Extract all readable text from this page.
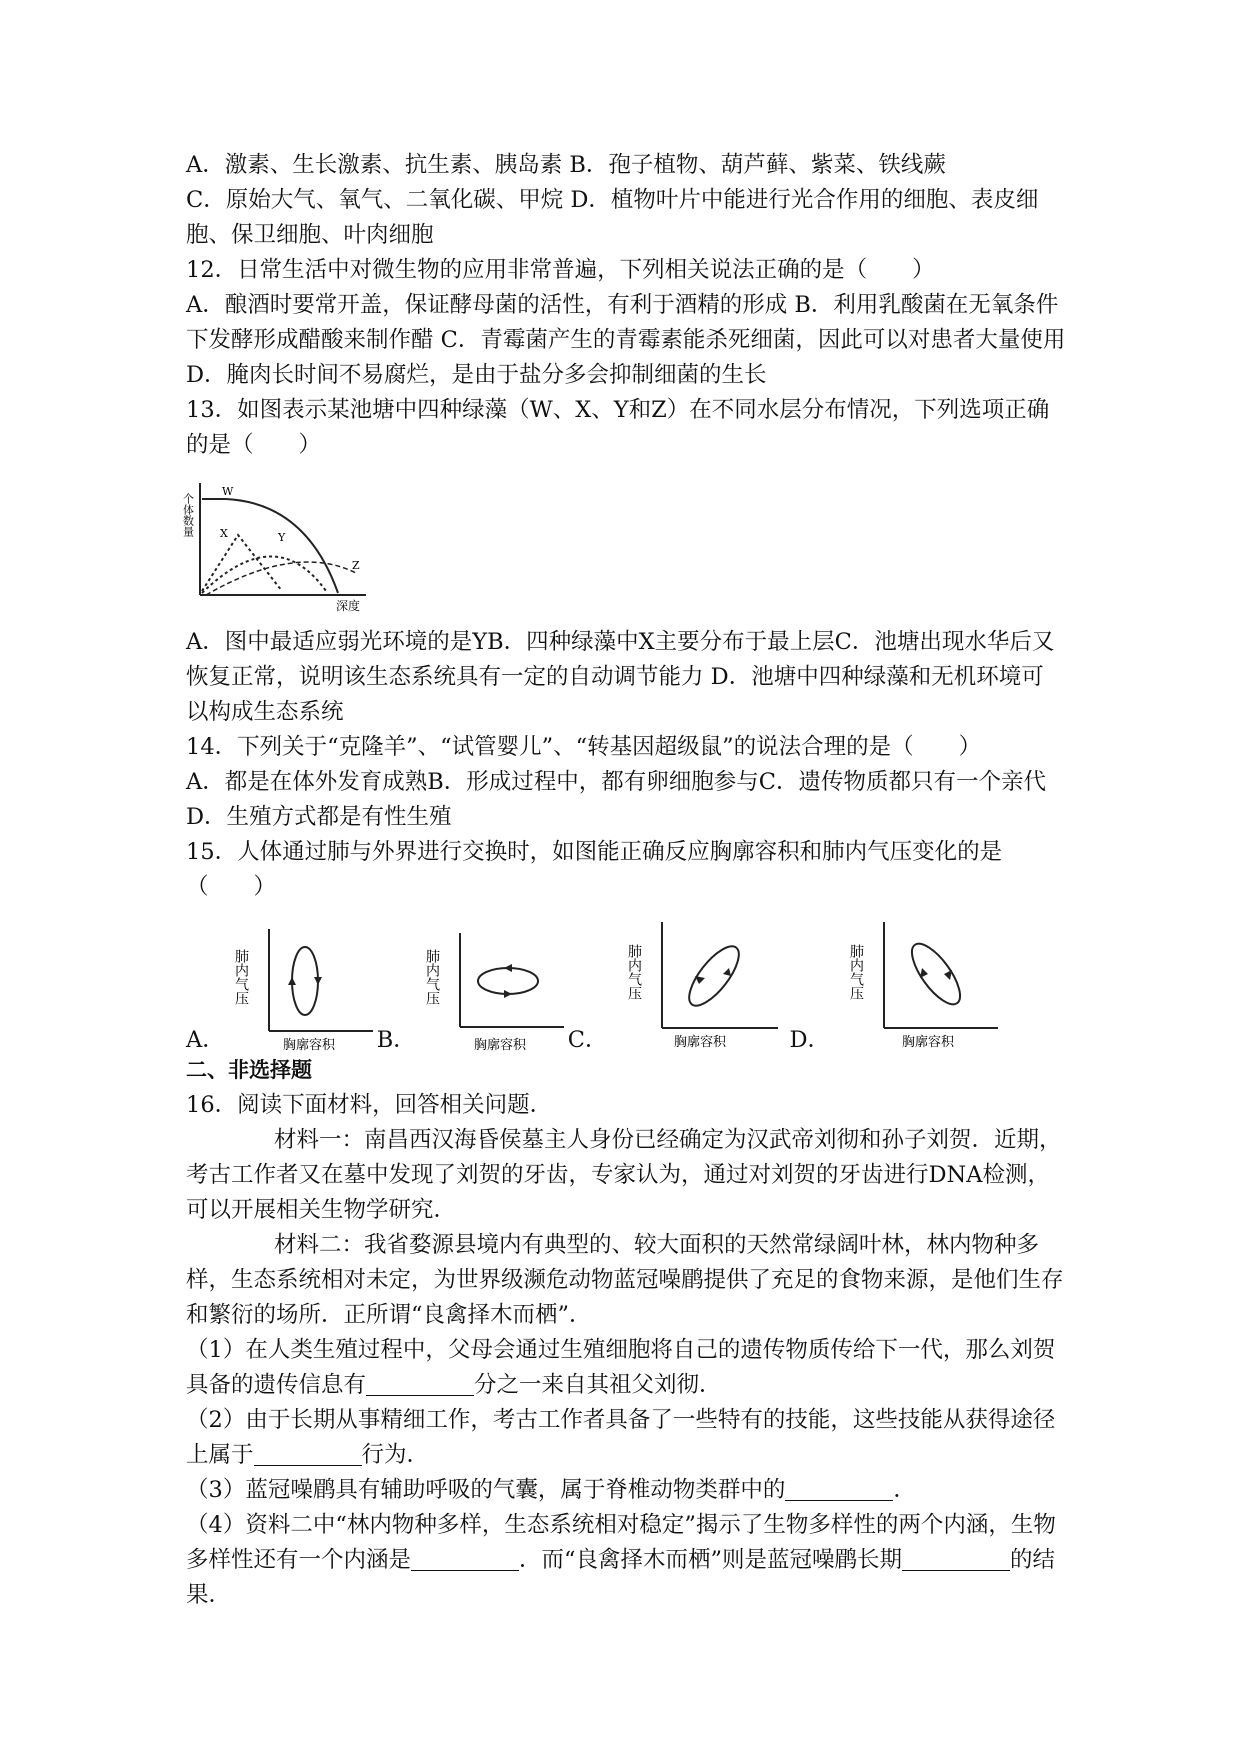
A．激素、生长激素、抗生素、胰岛素 B．孢子植物、葫芦藓、紫菜、铁线蕨

C．原始大气、氧气、二氧化碳、甲烷 D．植物叶片中能进行光合作用的细胞、表皮细胞、保卫细胞、叶肉细胞

12．日常生活中对微生物的应用非常普遍，下列相关说法正确的是（　　）

A．酿酒时要常开盖，保证酵母菌的活性，有利于酒精的形成 B．利用乳酸菌在无氧条件下发酵形成醋酸来制作醋 C．青霉菌产生的青霉素能杀死细菌，因此可以对患者大量使用 D．腌肉长时间不易腐烂，是由于盐分多会抑制细菌的生长

13．如图表示某池塘中四种绿藻（W、X、Y和Z）在不同水层分布情况，下列选项正确的是（　　）

个体数量
深度
W
X	Y
Z

A．图中最适应弱光环境的是YB．四种绿藻中X主要分布于最上层C．池塘出现水华后又恢复正常，说明该生态系统具有一定的自动调节能力 D．池塘中四种绿藻和无机环境可以构成生态系统

14．下列关于“克隆羊”、“试管婴儿”、“转基因超级鼠”的说法合理的是（　　）

A．都是在体外发育成熟B．形成过程中，都有卵细胞参与C．遗传物质都只有一个亲代 D．生殖方式都是有性生殖

15．人体通过肺与外界进行交换时，如图能正确反应胸廓容积和肺内气压变化的是（　　）

A．
肺内气压
胸廓容积 B．
肺内气压
胸廓容积 C．
肺内气压
胸廓容积	D．
肺内气压
胸廓容积

二、非选择题

16．阅读下面材料，回答相关问题．

材料一：南昌西汉海昏侯墓主人身份已经确定为汉武帝刘彻和孙子刘贺．近期，考古工作者又在墓中发现了刘贺的牙齿，专家认为，通过对刘贺的牙齿进行DNA检测，可以开展相关生物学研究．

材料二：我省婺源县境内有典型的、较大面积的天然常绿阔叶林，林内物种多样，生态系统相对未定，为世界级濒危动物蓝冠噪鹛提供了充足的食物来源，是他们生存和繁衍的场所．正所谓“良禽择木而栖”．

（1）在人类生殖过程中，父母会通过生殖细胞将自己的遗传物质传给下一代，那么刘贺具备的遗传信息有	分之一来自其祖父刘彻．

（2）由于长期从事精细工作，考古工作者具备了一些特有的技能，这些技能从获得途径上属于	行为．

（3）蓝冠噪鹛具有辅助呼吸的气囊，属于脊椎动物类群中的	．

（4）资料二中“林内物种多样，生态系统相对稳定”揭示了生物多样性的两个内涵，生物多样性还有一个内涵是	．而“良禽择木而栖”则是蓝冠噪鹛长期	的结果．
